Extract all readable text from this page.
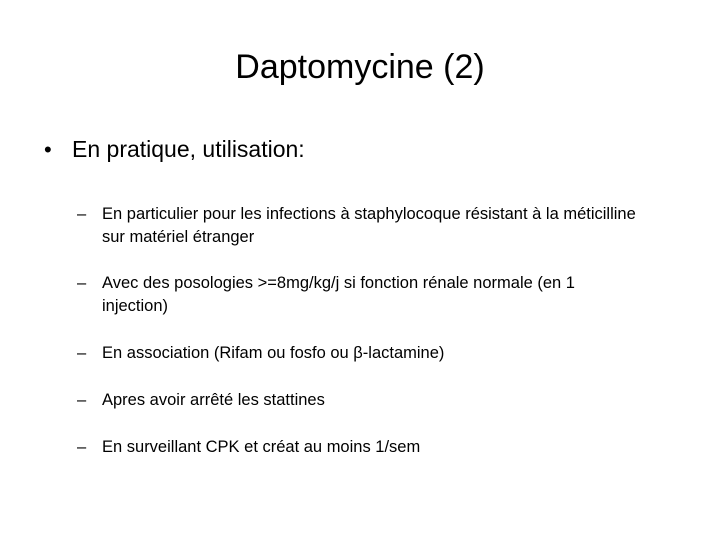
Daptomycine (2)
• En pratique, utilisation:
– En particulier pour les infections à staphylocoque résistant à la méticilline sur matériel étranger
– Avec des posologies >=8mg/kg/j si fonction rénale normale (en 1 injection)
– En association (Rifam ou fosfo ou β-lactamine)
– Apres avoir arrêté les stattines
– En surveillant CPK et créat au moins 1/sem
